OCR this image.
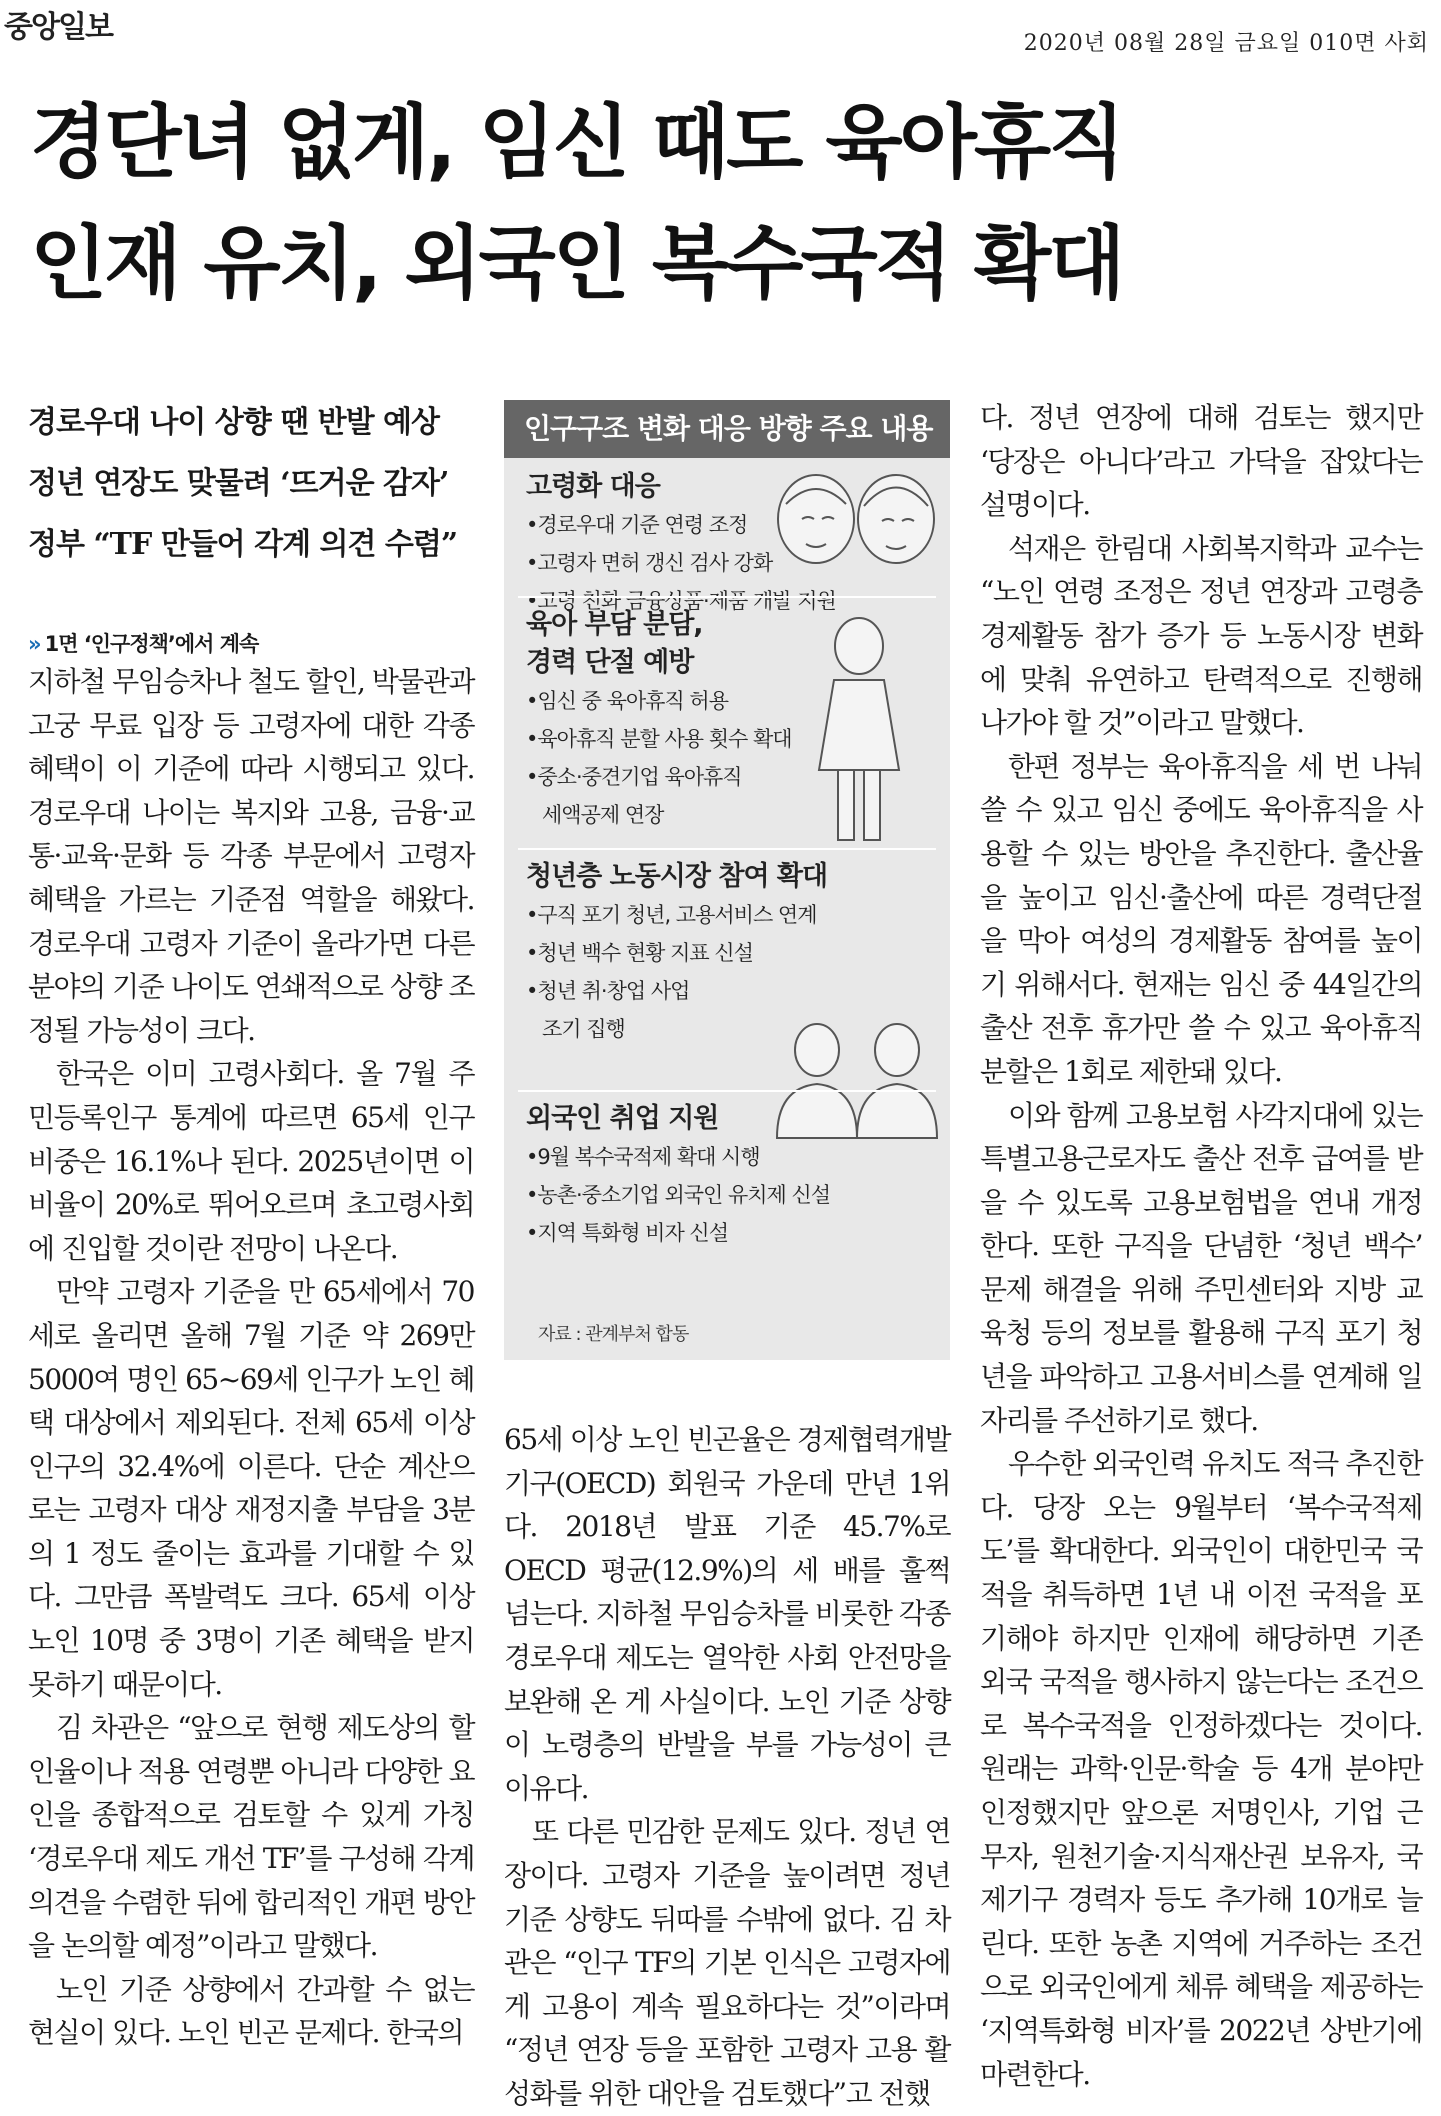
중앙일보	2020년 08월 28일 금요일 010면 사회
경단녀 없게, 임신 때도 육아휴직
인재 유치, 외국인 복수국적 확대
경로우대 나이 상향 땐 반발 예상
정년 연장도 맞물려 ‘뜨거운 감자’
정부 “TF 만들어 각계 의견 수렴”
» 1면 ‘인구정책’에서 계속

지하철 무임승차나 철도 할인, 박물관과 고궁 무료 입장 등 고령자에 대한 각종 혜택이 이 기준에 따라 시행되고 있다. 경로우대 나이는 복지와 고용, 금융·교통·교육·문화 등 각종 부문에서 고령자 혜택을 가르는 기준점 역할을 해왔다. 경로우대 고령자 기준이 올라가면 다른 분야의 기준 나이도 연쇄적으로 상향 조정될 가능성이 크다.

한국은 이미 고령사회다. 올 7월 주민등록인구 통계에 따르면 65세 인구 비중은 16.1%나 된다. 2025년이면 이 비율이 20%로 뛰어오르며 초고령사회에 진입할 것이란 전망이 나온다.

만약 고령자 기준을 만 65세에서 70세로 올리면 올해 7월 기준 약 269만5000여 명인 65~69세 인구가 노인 혜택 대상에서 제외된다. 전체 65세 이상 인구의 32.4%에 이른다. 단순 계산으로는 고령자 대상 재정지출 부담을 3분의 1 정도 줄이는 효과를 기대할 수 있다. 그만큼 폭발력도 크다. 65세 이상 노인 10명 중 3명이 기존 혜택을 받지 못하기 때문이다.

김 차관은 “앞으로 현행 제도상의 할인율이나 적용 연령뿐 아니라 다양한 요인을 종합적으로 검토할 수 있게 가칭 ‘경로우대 제도 개선 TF’를 구성해 각계 의견을 수렴한 뒤에 합리적인 개편 방안을 논의할 예정”이라고 말했다.

노인 기준 상향에서 간과할 수 없는 현실이 있다. 노인 빈곤 문제다. 한국의

인구구조 변화 대응 방향 주요 내용
고령화 대응
•경로우대 기준 연령 조정
•고령자 면허 갱신 검사 강화
•고령 친화 금융상품·제품 개발 지원
육아 부담 분담,
경력 단절 예방
•임신 중 육아휴직 허용
•육아휴직 분할 사용 횟수 확대
•중소·중견기업 육아휴직
세액공제 연장
청년층 노동시장 참여 확대
•구직 포기 청년, 고용서비스 연계
•청년 백수 현황 지표 신설
•청년 취·창업 사업
조기 집행
외국인 취업 지원
•9월 복수국적제 확대 시행
•농촌·중소기업 외국인 유치제 신설
•지역 특화형 비자 신설
자료 : 관계부처 합동

65세 이상 노인 빈곤율은 경제협력개발기구(OECD) 회원국 가운데 만년 1위다. 2018년 발표 기준 45.7%로 OECD 평균(12.9%)의 세 배를 훌쩍 넘는다. 지하철 무임승차를 비롯한 각종 경로우대 제도는 열악한 사회 안전망을 보완해 온 게 사실이다. 노인 기준 상향이 노령층의 반발을 부를 가능성이 큰 이유다.

또 다른 민감한 문제도 있다. 정년 연장이다. 고령자 기준을 높이려면 정년 기준 상향도 뒤따를 수밖에 없다. 김 차관은 “인구 TF의 기본 인식은 고령자에게 고용이 계속 필요하다는 것”이라며 “정년 연장 등을 포함한 고령자 고용 활성화를 위한 대안을 검토했다”고 전했

다. 정년 연장에 대해 검토는 했지만 ‘당장은 아니다’라고 가닥을 잡았다는 설명이다.

석재은 한림대 사회복지학과 교수는 “노인 연령 조정은 정년 연장과 고령층 경제활동 참가 증가 등 노동시장 변화에 맞춰 유연하고 탄력적으로 진행해 나가야 할 것”이라고 말했다.

한편 정부는 육아휴직을 세 번 나눠 쓸 수 있고 임신 중에도 육아휴직을 사용할 수 있는 방안을 추진한다. 출산율을 높이고 임신·출산에 따른 경력단절을 막아 여성의 경제활동 참여를 높이기 위해서다. 현재는 임신 중 44일간의 출산 전후 휴가만 쓸 수 있고 육아휴직 분할은 1회로 제한돼 있다.

이와 함께 고용보험 사각지대에 있는 특별고용근로자도 출산 전후 급여를 받을 수 있도록 고용보험법을 연내 개정한다. 또한 구직을 단념한 ‘청년 백수’ 문제 해결을 위해 주민센터와 지방 교육청 등의 정보를 활용해 구직 포기 청년을 파악하고 고용서비스를 연계해 일자리를 주선하기로 했다.

우수한 외국인력 유치도 적극 추진한다. 당장 오는 9월부터 ‘복수국적제도’를 확대한다. 외국인이 대한민국 국적을 취득하면 1년 내 이전 국적을 포기해야 하지만 인재에 해당하면 기존 외국 국적을 행사하지 않는다는 조건으로 복수국적을 인정하겠다는 것이다. 원래는 과학·인문·학술 등 4개 분야만 인정했지만 앞으론 저명인사, 기업 근무자, 원천기술·지식재산권 보유자, 국제기구 경력자 등도 추가해 10개로 늘린다. 또한 농촌 지역에 거주하는 조건으로 외국인에게 체류 혜택을 제공하는 ‘지역특화형 비자’를 2022년 상반기에 마련한다.
